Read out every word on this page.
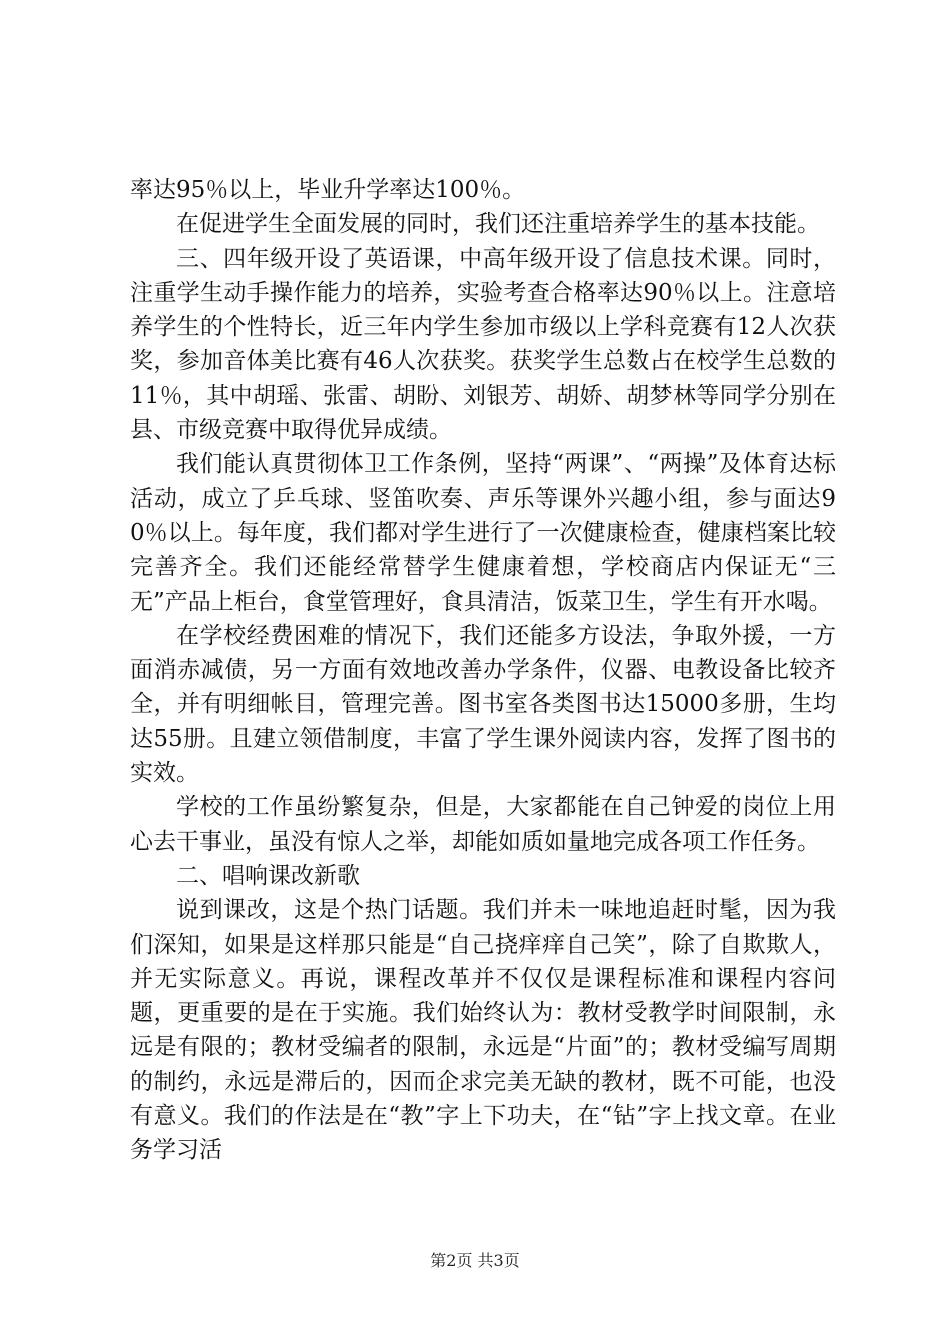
率达95％以上，毕业升学率达100％。

在促进学生全面发展的同时，我们还注重培养学生的基本技能。

三、四年级开设了英语课，中高年级开设了信息技术课。同时，注重学生动手操作能力的培养，实验考查合格率达90％以上。注意培养学生的个性特长，近三年内学生参加市级以上学科竞赛有12人次获奖，参加音体美比赛有46人次获奖。获奖学生总数占在校学生总数的11％，其中胡瑶、张雷、胡盼、刘银芳、胡娇、胡梦林等同学分别在县、市级竞赛中取得优异成绩。

我们能认真贯彻体卫工作条例，坚持“两课”、“两操”及体育达标活动，成立了乒乓球、竖笛吹奏、声乐等课外兴趣小组，参与面达90％以上。每年度，我们都对学生进行了一次健康检查，健康档案比较完善齐全。我们还能经常替学生健康着想，学校商店内保证无“三无”产品上柜台，食堂管理好，食具清洁，饭菜卫生，学生有开水喝。

在学校经费困难的情况下，我们还能多方设法，争取外援，一方面消赤减债，另一方面有效地改善办学条件，仪器、电教设备比较齐全，并有明细帐目，管理完善。图书室各类图书达15000多册，生均达55册。且建立领借制度，丰富了学生课外阅读内容，发挥了图书的实效。

学校的工作虽纷繁复杂，但是，大家都能在自己钟爱的岗位上用心去干事业，虽没有惊人之举，却能如质如量地完成各项工作任务。

二、唱响课改新歌

说到课改，这是个热门话题。我们并未一味地追赶时髦，因为我们深知，如果是这样那只能是“自己挠痒痒自己笑”，除了自欺欺人，并无实际意义。再说，课程改革并不仅仅是课程标准和课程内容问题，更重要的是在于实施。我们始终认为：教材受教学时间限制，永远是有限的；教材受编者的限制，永远是“片面”的；教材受编写周期的制约，永远是滞后的，因而企求完美无缺的教材，既不可能，也没有意义。我们的作法是在“教”字上下功夫，在“钻”字上找文章。在业务学习活

第2页 共3页
